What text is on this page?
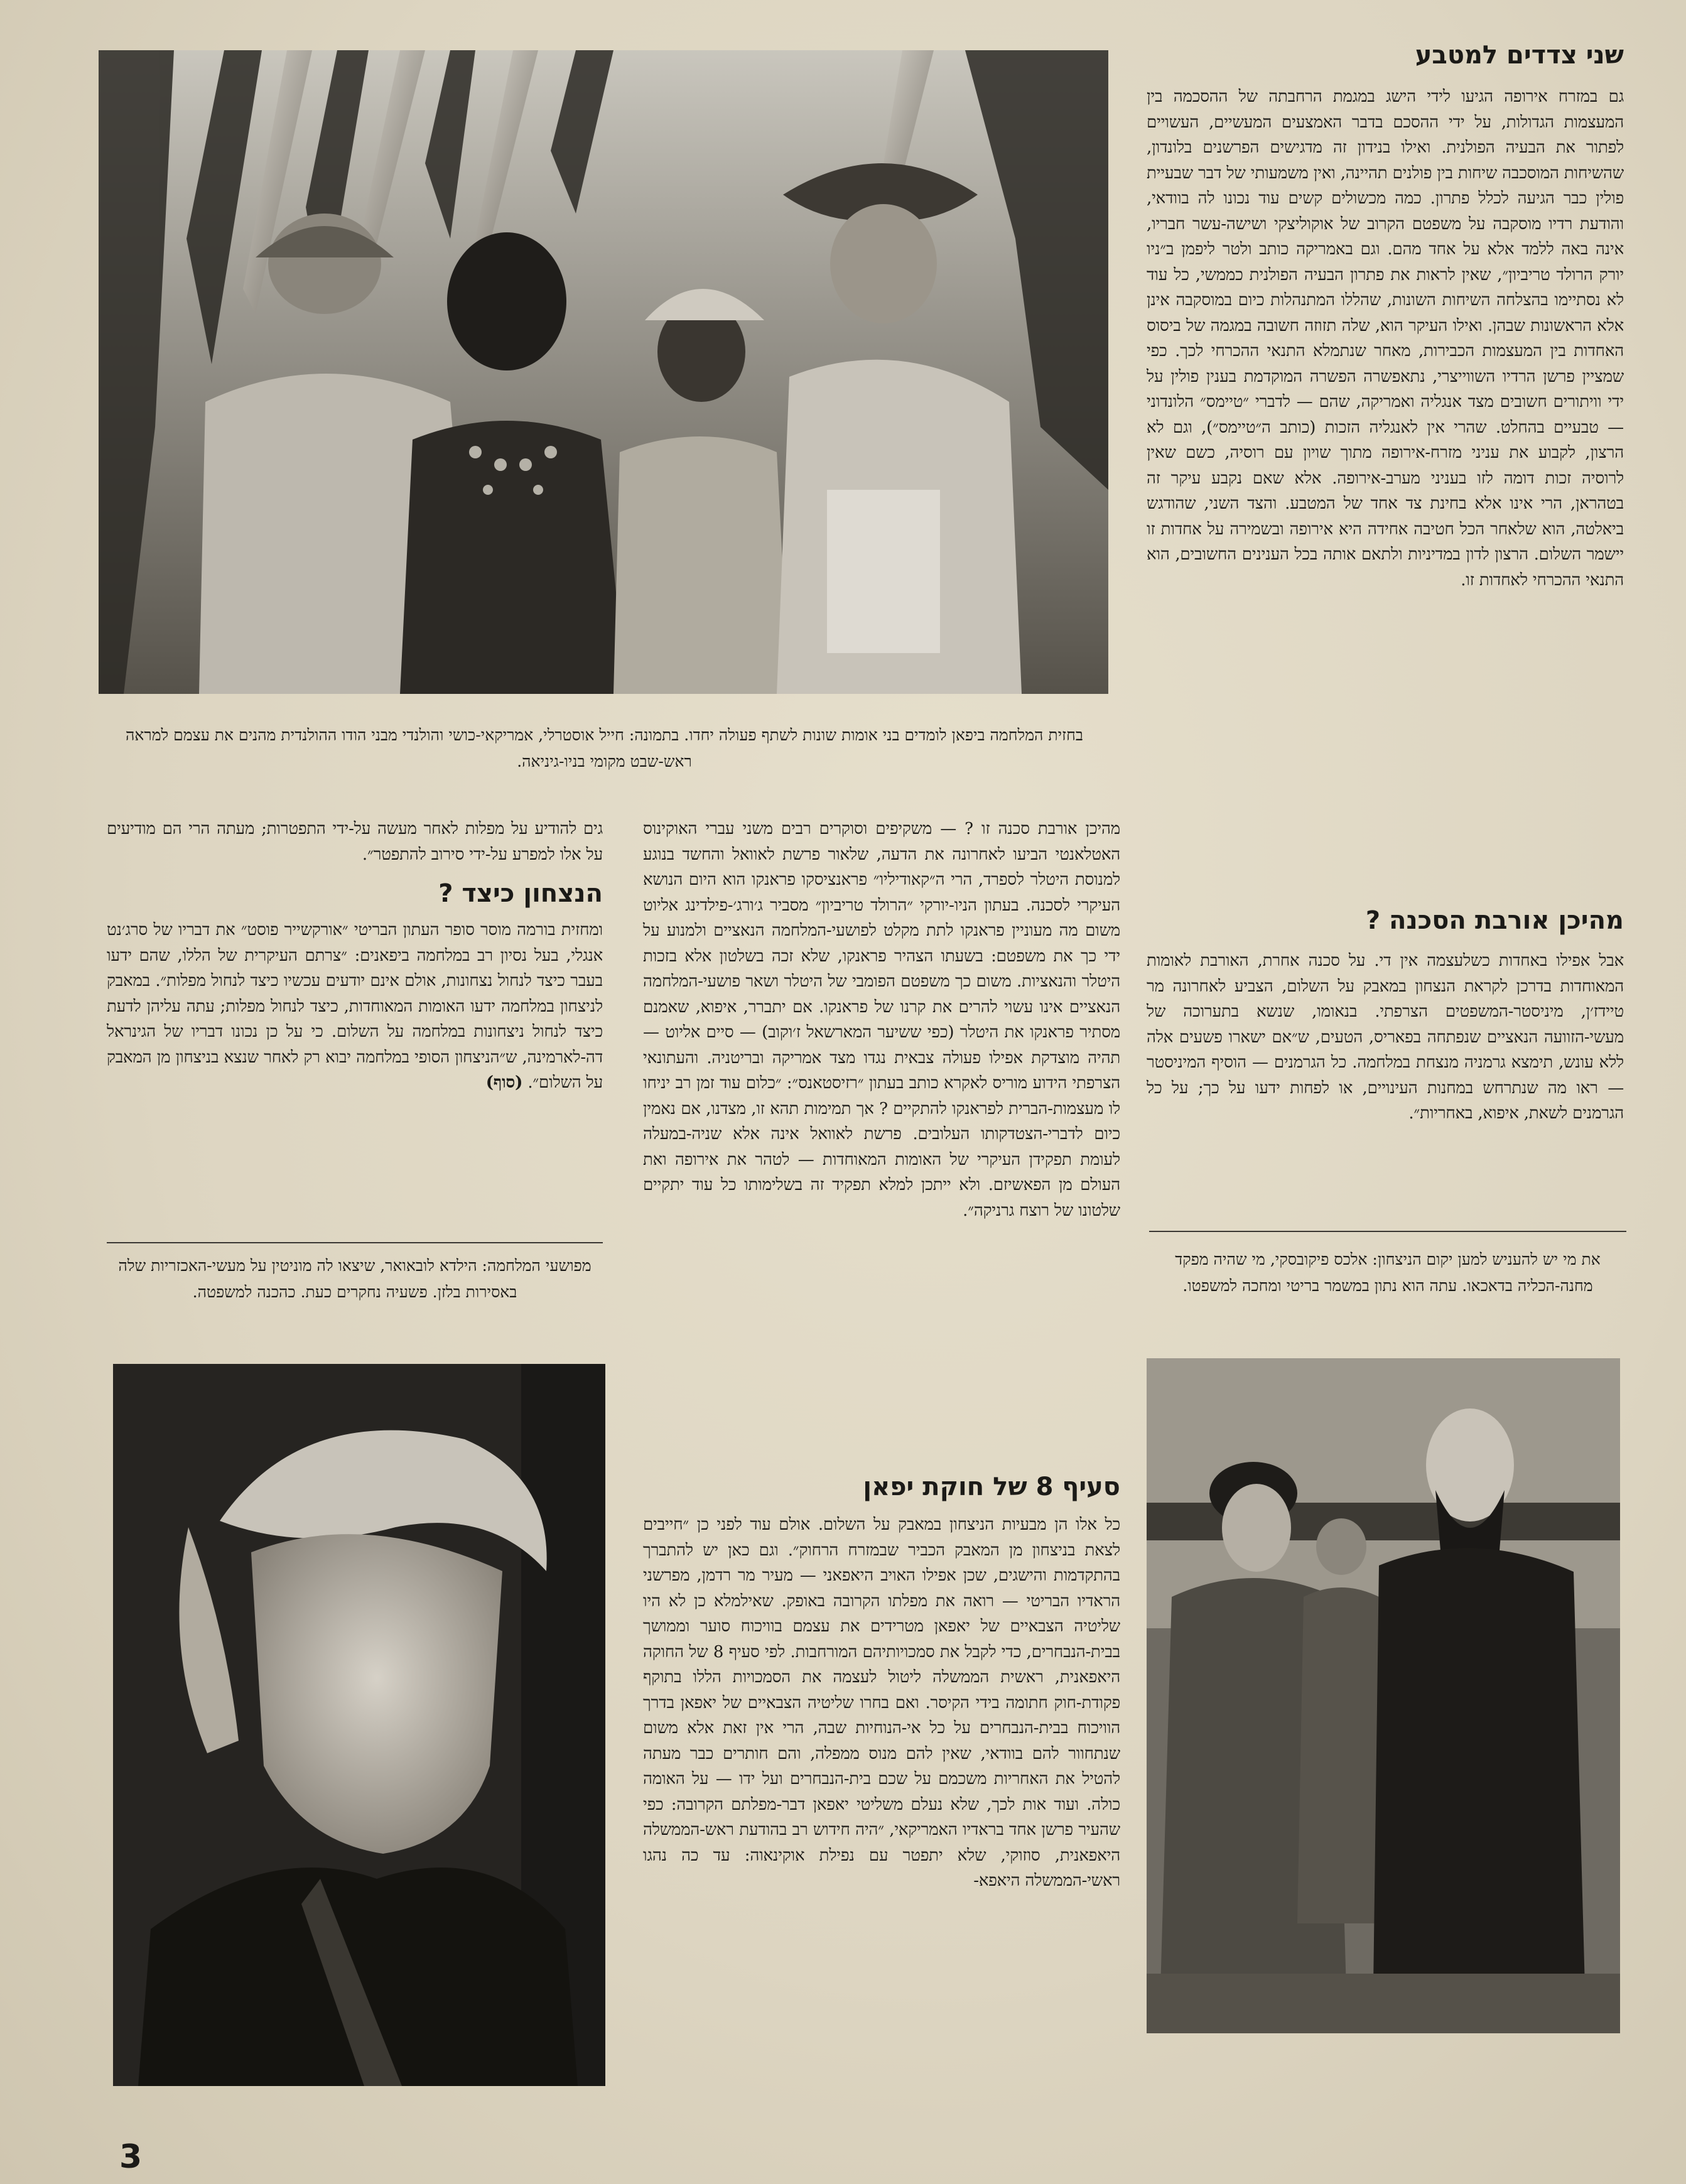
בחזית המלחמה ביפאן לומדים בני אומות שונות לשתף פעולה יחדו. בתמונה: חייל אוסטרלי, אמריקאי-כושי והולנדי מבני הודו ההולנדית מהנים את עצמם למראה ראש-שבט מקומי בניו-גיניאה.
שני צדדים למטבע

גם במזרח אירופה הגיעו לידי הישג במגמת הרחבתה של ההסכמה בין המעצמות הגדולות, על ידי ההסכם בדבר האמצעים המעשיים, העשויים לפתור את הבעיה הפולנית. ואילו בנידון זה מדגישים הפרשנים בלונדון, שהשיחות המוסכבה שיחות בין פולנים תהיינה, ואין משמעותי של דבר שבעיית פולין כבר הגיעה לכלל פתרון. כמה מכשולים קשים עוד נכונו לה בוודאי, והודעת רדיו מוסקבה על משפטם הקרוב של אוקוליצקי ושישה-עשר חבריו, אינה באה ללמד אלא על אחד מהם. וגם באמריקה כותב ולטר ליפמן ב״ניו יורק הרולד טריביון״, שאין לראות את פתרון הבעיה הפולנית כממשי, כל עוד לא נסתיימו בהצלחה השיחות השונות, שהללו המתנהלות כיום במוסקבה אינן אלא הראשונות שבהן. ואילו העיקר הוא, שלה תזוזה חשובה במגמה של ביסוס האחדות בין המעצמות הכבירות, מאחר שנתמלא התנאי ההכרחי לכך. כפי שמציין פרשן הרדיו השווייצרי, נתאפשרה הפשרה המוקדמת בענין פולין על ידי וויתורים חשובים מצד אנגליה ואמריקה, שהם — לדברי ״טיימס״ הלונדוני — טבעיים בהחלט. שהרי אין לאנגליה הזכות (כותב ה״טיימס״), וגם לא הרצון, לקבוע את עניני מזרח-אירופה מתוך שויון עם רוסיה, כשם שאין לרוסיה זכות דומה לזו בעניני מערב-אירופה. אלא שאם נקבע עיקר זה בטהראן, הרי אינו אלא בחינת צד אחד של המטבע. והצד השני, שהודגש ביאלטה, הוא שלאחר הכל חטיבה אחידה היא אירופה ובשמירה על אחדות זו יישמר השלום. הרצון לדון במדיניות ולתאם אותה בכל הענינים החשובים, הוא התנאי ההכרחי לאחדות זו.

מהיכן אורבת הסכנה ?

אבל אפילו באחדות כשלעצמה אין די. על סכנה אחרת, האורבת לאומות המאוחדות בדרכן לקראת הנצחון במאבק על השלום, הצביע לאחרונה מר טיידז׳ן, מיניסטר-המשפטים הצרפתי. בנאומו, שנשא בתערוכה של מעשי-הזוועה הנאציים שנפתחה בפאריס, הטעים, ש״אם ישארו פשעים אלה ללא עונש, תימצא גרמניה מנצחת במלחמה. כל הגרמנים — הוסיף המיניסטר — ראו מה שנתרחש במחנות העינויים, או לפחות ידעו על כך; על כל הגרמנים לשאת, איפוא, באחריות״.

את מי יש להעניש למען יקום הניצחון: אלכס פיקובסקי, מי שהיה מפקד מחנה-הכליה בדאכאו. עתה הוא נתון במשמר בריטי ומחכה למשפטו.

מהיכן אורבת סכנה זו ? — משקיפים וסוקרים רבים משני עברי האוקינוס האטלאנטי הביעו לאחרונה את הדעה, שלאור פרשת לאוואל והחשד בנוגע למנוסת היטלר לספרד, הרי ה״קאודיליו״ פראנציסקו פראנקו הוא היום הנושא העיקרי לסכנה. בעתון הניו-יורקי ״הרולד טריביון״ מסביר ג׳ורג׳-פילדינג אליוט משום מה מעוניין פראנקו לתת מקלט לפושעי-המלחמה הנאציים ולמנוע על ידי כך את משפטם: בשעתו הצהיר פראנקו, שלא זכה בשלטון אלא בזכות היטלר והנאציות. משום כך משפטם הפומבי של היטלר ושאר פושעי-המלחמה הנאציים אינו עשוי להרים את קרנו של פראנקו. אם יתברר, איפוא, שאמנם מסתיר פראנקו את היטלר (כפי ששיער המארשאל ז׳וקוב) — סיים אליוט — תהיה מוצדקת אפילו פעולה צבאית נגדו מצד אמריקה ובריטניה. והעתונאי הצרפתי הידוע מוריס לאקרא כותב בעתון ״רזיסטאנס״: ״כלום עוד זמן רב יניחו לו מעצמות-הברית לפראנקו להתקיים ? אך תמימות תהא זו, מצדנו, אם נאמין כיום לדברי-הצטדקותו העלובים. פרשת לאוואל אינה אלא שניה-במעלה לעומת תפקידן העיקרי של האומות המאוחדות — לטהר את אירופה ואת העולם מן הפאשיזם. ולא ייתכן למלא תפקיד זה בשלימותו כל עוד יתקיים שלטונו של רוצח גרניקה״.

סעיף 8 של חוקת יפאן

כל אלו הן מבעיות הניצחון במאבק על השלום. אולם עוד לפני כן ״חייבים לצאת בניצחון מן המאבק הכביר שבמזרח הרחוק״. וגם כאן יש להתברך בהתקדמות והישגים, שכן אפילו האויב היאפאני — מעיר מר רדמן, מפרשני הראדיו הבריטי — רואה את מפלתו הקרובה באופק. שאילמלא כן לא היו שליטיה הצבאיים של יאפאן מטרידים את עצמם בוויכוח סוער וממושך בבית-הנבחרים, כדי לקבל את סמכויותיהם המורחבות. לפי סעיף 8 של החוקה היאפאנית, ראשית הממשלה ליטול לעצמה את הסמכויות הללו בתוקף פקודת-חוק חתומה בידי הקיסר. ואם בחרו שליטיה הצבאיים של יאפאן בדרך הוויכוח בבית-הנבחרים על כל אי-הנוחיות שבה, הרי אין זאת אלא משום שנתחוור להם בוודאי, שאין להם מנוס ממפלה, והם חותרים כבר מעתה להטיל את האחריות משכמם על שכם בית-הנבחרים ועל ידו — על האומה כולה. ועוד אות לכך, שלא נעלם משליטי יאפאן דבר-מפלתם הקרובה: כפי שהעיר פרשן אחד בראדיו האמריקאי, ״היה חידוש רב בהודעת ראש-הממשלה היאפאנית, סוזוקי, שלא יתפטר עם נפילת אוקינאוה: עד כה נהגו ראשי-הממשלה היאפא-

גים להודיע על מפלות לאחר מעשה על-ידי התפטרות; מעתה הרי הם מודיעים על אלו למפרע על-ידי סירוב להתפטר״.

הנצחון כיצד ?

ומחזית בורמה מוסר סופר העתון הבריטי ״אורקשייר פוסט״ את דבריו של סרג׳נט אנגלי, בעל נסיון רב במלחמה ביפאנים: ״צרתם העיקרית של הללו, שהם ידעו בעבר כיצד לנחול נצחונות, אולם אינם יודעים עכשיו כיצד לנחול מפלות״. במאבק לניצחון במלחמה ידעו האומות המאוחדות, כיצד לנחול מפלות; עתה עליהן לדעת כיצד לנחול ניצחונות במלחמה על השלום. כי על כן נכונו דבריו של הגינראל דה-לארמינה, ש״הניצחון הסופי במלחמה יבוא רק לאחר שנצא בניצחון מן המאבק על השלום״. (סוף)

מפושעי המלחמה: הילדא לובאואר, שיצאו לה מוניטין על מעשי-האכזריות שלה באסירות בלזן. פשעיה נחקרים כעת. כהכנה למשפטה.
3
